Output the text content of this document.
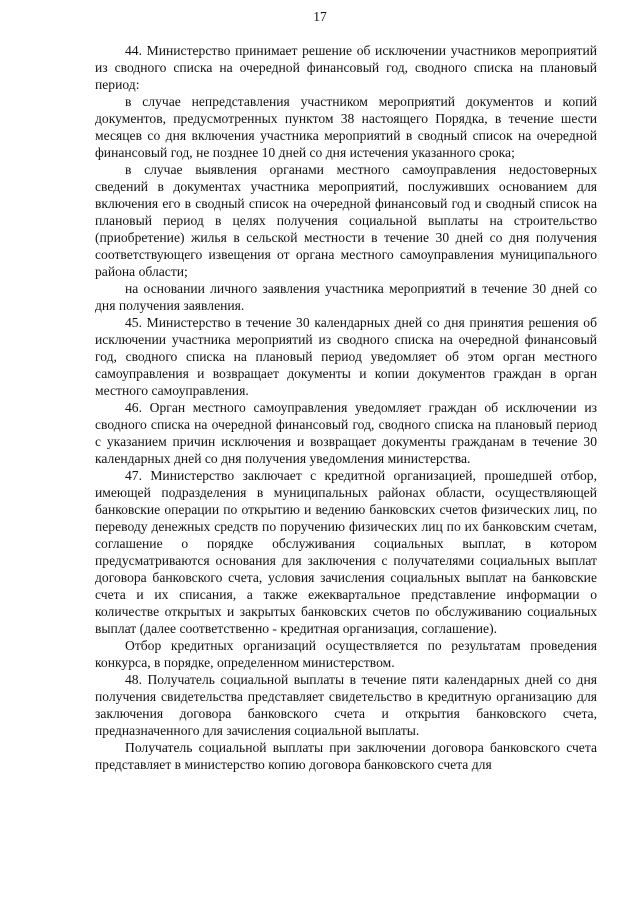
17

44. Министерство принимает решение об исключении участников мероприятий из сводного списка на очередной финансовый год, сводного списка на плановый период:

в случае непредставления участником мероприятий документов и копий документов, предусмотренных пунктом 38 настоящего Порядка, в течение шести месяцев со дня включения участника мероприятий в сводный список на очередной финансовый год, не позднее 10 дней со дня истечения указанного срока;

в случае выявления органами местного самоуправления недостоверных сведений в документах участника мероприятий, послуживших основанием для включения его в сводный список на очередной финансовый год и сводный список на плановый период в целях получения социальной выплаты на строительство (приобретение) жилья в сельской местности в течение 30 дней со дня получения соответствующего извещения от органа местного самоуправления муниципального района области;

на основании личного заявления участника мероприятий в течение 30 дней со дня получения заявления.

45. Министерство в течение 30 календарных дней со дня принятия решения об исключении участника мероприятий из сводного списка на очередной финансовый год, сводного списка на плановый период уведомляет об этом орган местного самоуправления и возвращает документы и копии документов граждан в орган местного самоуправления.

46. Орган местного самоуправления уведомляет граждан об исключении из сводного списка на очередной финансовый год, сводного списка на плановый период с указанием причин исключения и возвращает документы гражданам в течение 30 календарных дней со дня получения уведомления министерства.

47. Министерство заключает с кредитной организацией, прошедшей отбор, имеющей подразделения в муниципальных районах области, осуществляющей банковские операции по открытию и ведению банковских счетов физических лиц, по переводу денежных средств по поручению физических лиц по их банковским счетам, соглашение о порядке обслуживания социальных выплат, в котором предусматриваются основания для заключения с получателями социальных выплат договора банковского счета, условия зачисления социальных выплат на банковские счета и их списания, а также ежеквартальное представление информации о количестве открытых и закрытых банковских счетов по обслуживанию социальных выплат (далее соответственно - кредитная организация, соглашение).

Отбор кредитных организаций осуществляется по результатам проведения конкурса, в порядке, определенном министерством.

48. Получатель социальной выплаты в течение пяти календарных дней со дня получения свидетельства представляет свидетельство в кредитную организацию для заключения договора банковского счета и открытия банковского счета, предназначенного для зачисления социальной выплаты.

Получатель социальной выплаты при заключении договора банковского счета представляет в министерство копию договора банковского счета для
